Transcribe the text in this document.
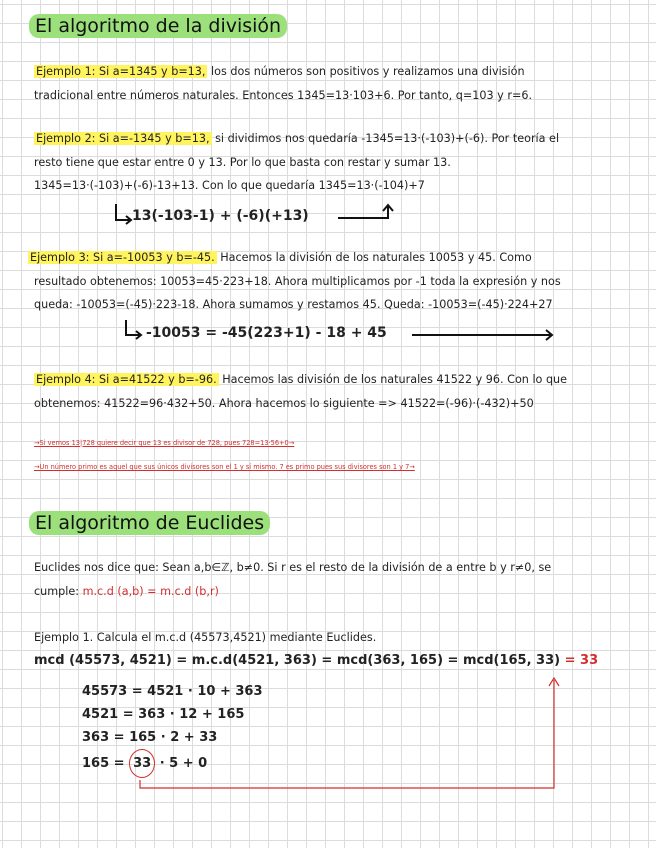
El algoritmo de la división

Ejemplo 1: Si a=1345 y b=13, los dos números son positivos y realizamos una división

tradicional entre números naturales. Entonces 1345=13·103+6. Por tanto, q=103 y r=6.

Ejemplo 2: Si a=-1345 y b=13, si dividimos nos quedaría -1345=13·(-103)+(-6). Por teoría el

resto tiene que estar entre 0 y 13. Por lo que basta con restar y sumar 13.

1345=13·(-103)+(-6)-13+13. Con lo que quedaría 1345=13·(-104)+7

13(-103-1) + (-6)(+13)

Ejemplo 3: Si a=-10053 y b=-45. Hacemos la división de los naturales 10053 y 45. Como

resultado obtenemos: 10053=45·223+18. Ahora multiplicamos por -1 toda la expresión y nos

queda: -10053=(-45)·223-18. Ahora sumamos y restamos 45. Queda: -10053=(-45)·224+27

-10053 = -45(223+1) - 18 + 45

Ejemplo 4: Si a=41522 y b=-96. Hacemos las división de los naturales 41522 y 96. Con lo que

obtenemos: 41522=96·432+50. Ahora hacemos lo siguiente => 41522=(-96)·(-432)+50

→Si vemos 13|728 quiere decir que 13 es divisor de 728, pues 728=13·56+0→
→Un número primo es aquel que sus únicos divisores son el 1 y sí mismo. 7 es primo pues sus divisores son 1 y 7→
El algoritmo de Euclides

Euclides nos dice que: Sean a,b∈ℤ, b≠0. Si r es el resto de la división de a entre b y r≠0, se

cumple: m.c.d (a,b) = m.c.d (b,r)

Ejemplo 1. Calcula el m.c.d (45573,4521) mediante Euclides.

mcd (45573, 4521) = m.c.d(4521, 363) = mcd(363, 165) = mcd(165, 33) = 33
45573 = 4521 · 10 + 363
4521 = 363 · 12 + 165
363 = 165 · 2 + 33
165 = 33 · 5 + 0
